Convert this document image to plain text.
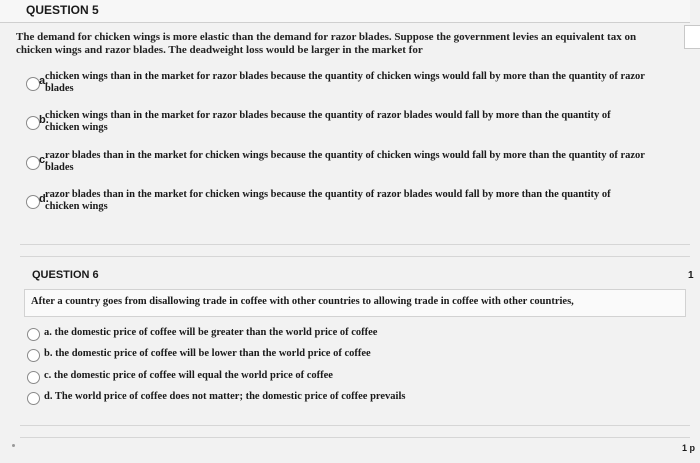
QUESTION 5
The demand for chicken wings is more elastic than the demand for razor blades. Suppose the government levies an equivalent tax on chicken wings and razor blades. The deadweight loss would be larger in the market for
a.
chicken wings than in the market for razor blades because the quantity of chicken wings would fall by more than the quantity of razor blades
b.
chicken wings than in the market for razor blades because the quantity of razor blades would fall by more than the quantity of chicken wings
c.
razor blades than in the market for chicken wings because the quantity of chicken wings would fall by more than the quantity of razor blades
d.
razor blades than in the market for chicken wings because the quantity of razor blades would fall by more than the quantity of chicken wings
QUESTION 6	1
After a country goes from disallowing trade in coffee with other countries to allowing trade in coffee with other countries,
a. the domestic price of coffee will be greater than the world price of coffee
b. the domestic price of coffee will be lower than the world price of coffee
c. the domestic price of coffee will equal the world price of coffee
d. The world price of coffee does not matter; the domestic price of coffee prevails
1 p
